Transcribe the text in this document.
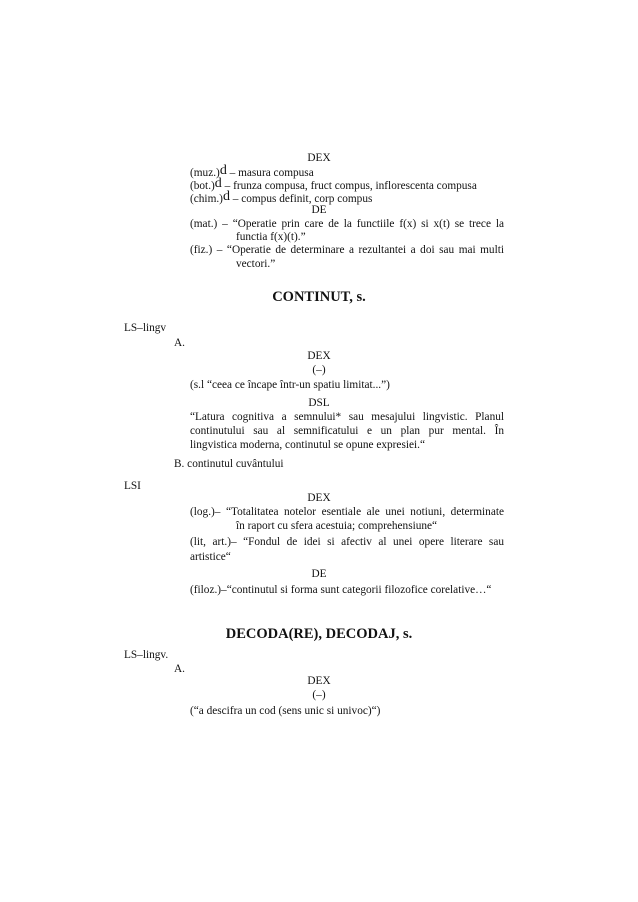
DEX
(muz.)d – masura compusa
(bot.)d – frunza compusa, fruct compus, inflorescenta compusa
(chim.)d – compus definit, corp compus
DE
(mat.) – “Operatie prin care de la functiile f(x) si x(t) se trece la
functia f(x)(t).”
(fiz.) – “Operatie de determinare a rezultantei a doi sau mai multi
vectori.”
CONTINUT, s.
LS–lingv
A.
DEX
(–)
(s.l “ceea ce încape într-un spatiu limitat...”)
DSL
“Latura cognitiva a semnului* sau mesajului lingvistic. Planul
continutului sau al semnificatului e un plan pur mental. În
lingvistica moderna, continutul se opune expresiei.“
B. continutul cuvântului
LSI
DEX
(log.)– “Totalitatea notelor esentiale ale unei notiuni, determinate
în raport cu sfera acestuia; comprehensiune“
(lit, art.)– “Fondul de idei si afectiv al unei opere literare sau
artistice“
DE
(filoz.)–“continutul si forma sunt categorii filozofice corelative…“
DECODA(RE), DECODAJ, s.
LS–lingv.
A.
DEX
(–)
(“a descifra un cod (sens unic si univoc)“)
